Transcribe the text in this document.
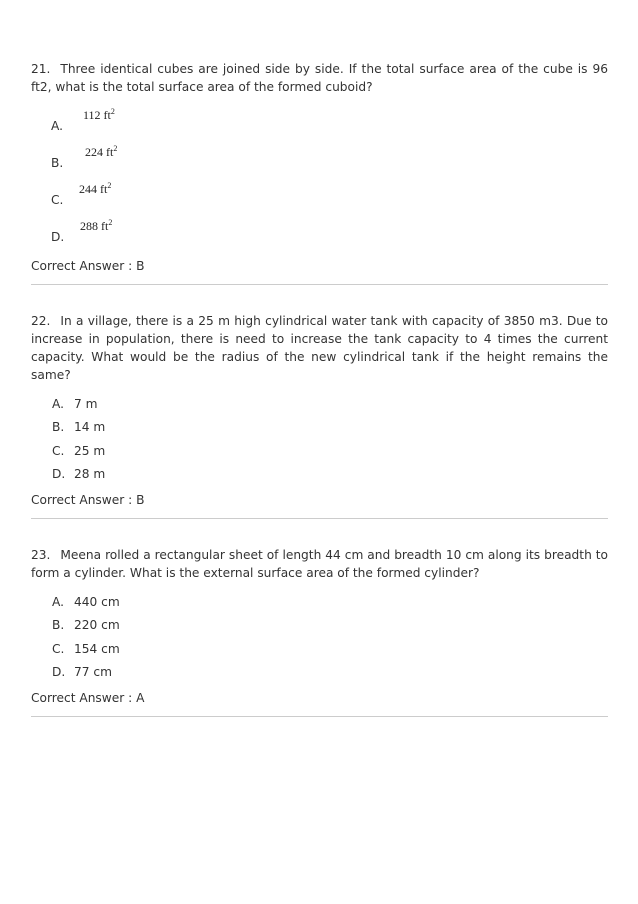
21. Three identical cubes are joined side by side. If the total surface area of the cube is 96 ft2, what is the total surface area of the formed cuboid?

112 $ft^2$
A.
224 $ft^2$
B.
244 $ft^2$
C.
288 $ft^2$
D.
Correct Answer : B

22. In a village, there is a 25 m high cylindrical water tank with capacity of 3850 m3. Due to increase in population, there is need to increase the tank capacity to 4 times the current capacity. What would be the radius of the new cylindrical tank if the height remains the same?

A. 7 m
B. 14 m
C. 25 m
D. 28 m
Correct Answer : B

23. Meena rolled a rectangular sheet of length 44 cm and breadth 10 cm along its breadth to form a cylinder. What is the external surface area of the formed cylinder?

A. 440 cm
B. 220 cm
C. 154 cm
D. 77 cm
Correct Answer : A
